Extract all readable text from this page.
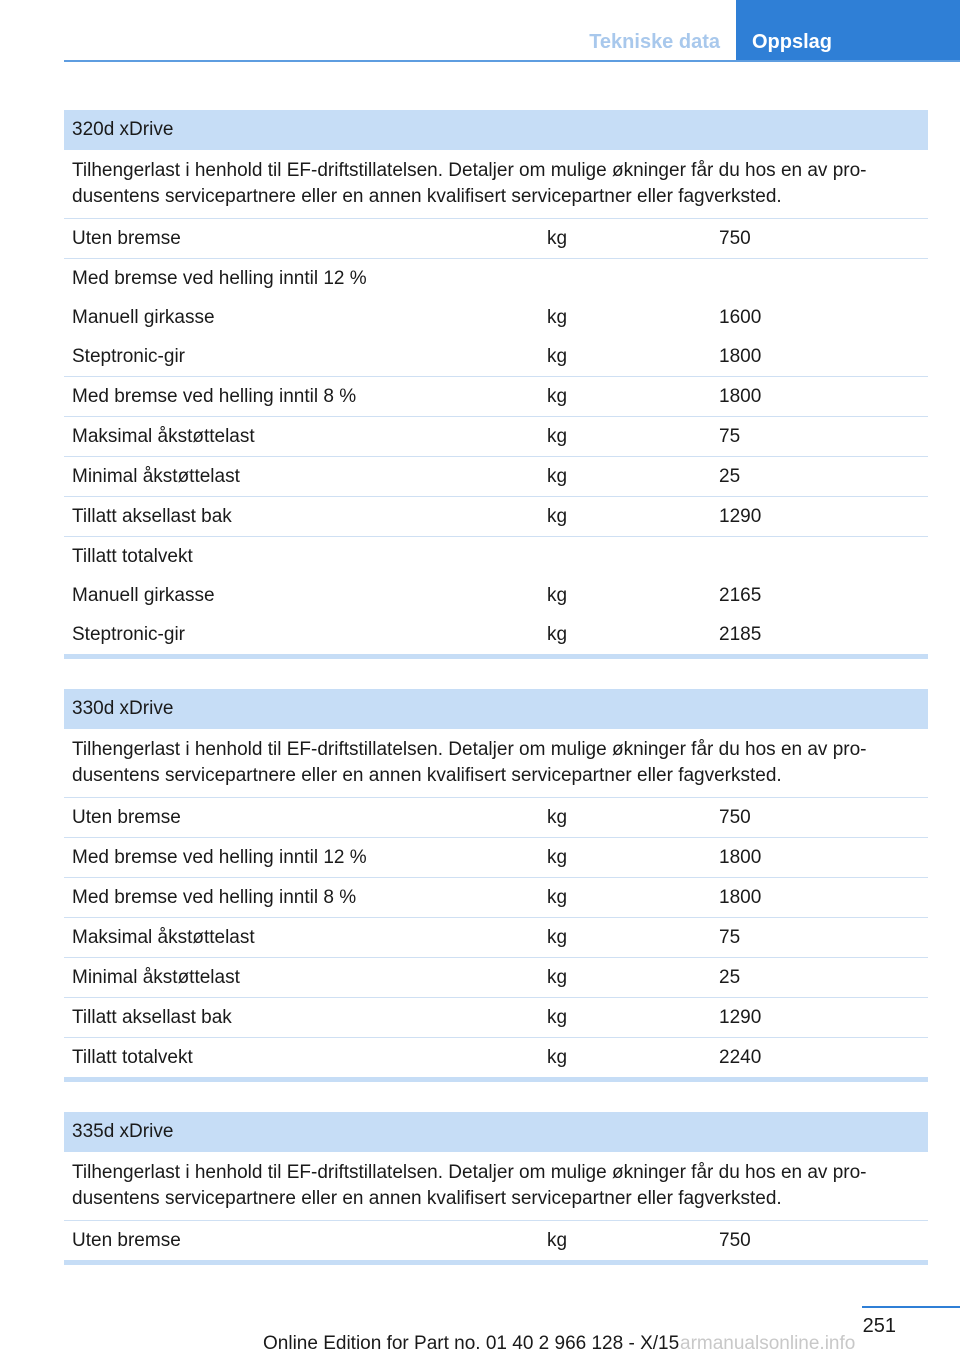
Tekniske data	Oppslag
320d xDrive
Tilhengerlast i henhold til EF-driftstillatelsen. Detaljer om mulige økninger får du hos en av pro-dusentens servicepartnere eller en annen kvalifisert servicepartner eller fagverksted.
Uten bremse	kg	750
Med bremse ved helling inntil 12 %
Manuell girkasse	kg	1600
Steptronic-gir	kg	1800
Med bremse ved helling inntil 8 %	kg	1800
Maksimal åkstøttelast	kg	75
Minimal åkstøttelast	kg	25
Tillatt aksellast bak	kg	1290
Tillatt totalvekt
Manuell girkasse	kg	2165
Steptronic-gir	kg	2185
330d xDrive
Tilhengerlast i henhold til EF-driftstillatelsen. Detaljer om mulige økninger får du hos en av pro-dusentens servicepartnere eller en annen kvalifisert servicepartner eller fagverksted.
Uten bremse	kg	750
Med bremse ved helling inntil 12 %	kg	1800
Med bremse ved helling inntil 8 %	kg	1800
Maksimal åkstøttelast	kg	75
Minimal åkstøttelast	kg	25
Tillatt aksellast bak	kg	1290
Tillatt totalvekt	kg	2240
335d xDrive
Tilhengerlast i henhold til EF-driftstillatelsen. Detaljer om mulige økninger får du hos en av pro-dusentens servicepartnere eller en annen kvalifisert servicepartner eller fagverksted.
Uten bremse	kg	750
251
Online Edition for Part no. 01 40 2 966 128 - X/15 armanualsonline.info
